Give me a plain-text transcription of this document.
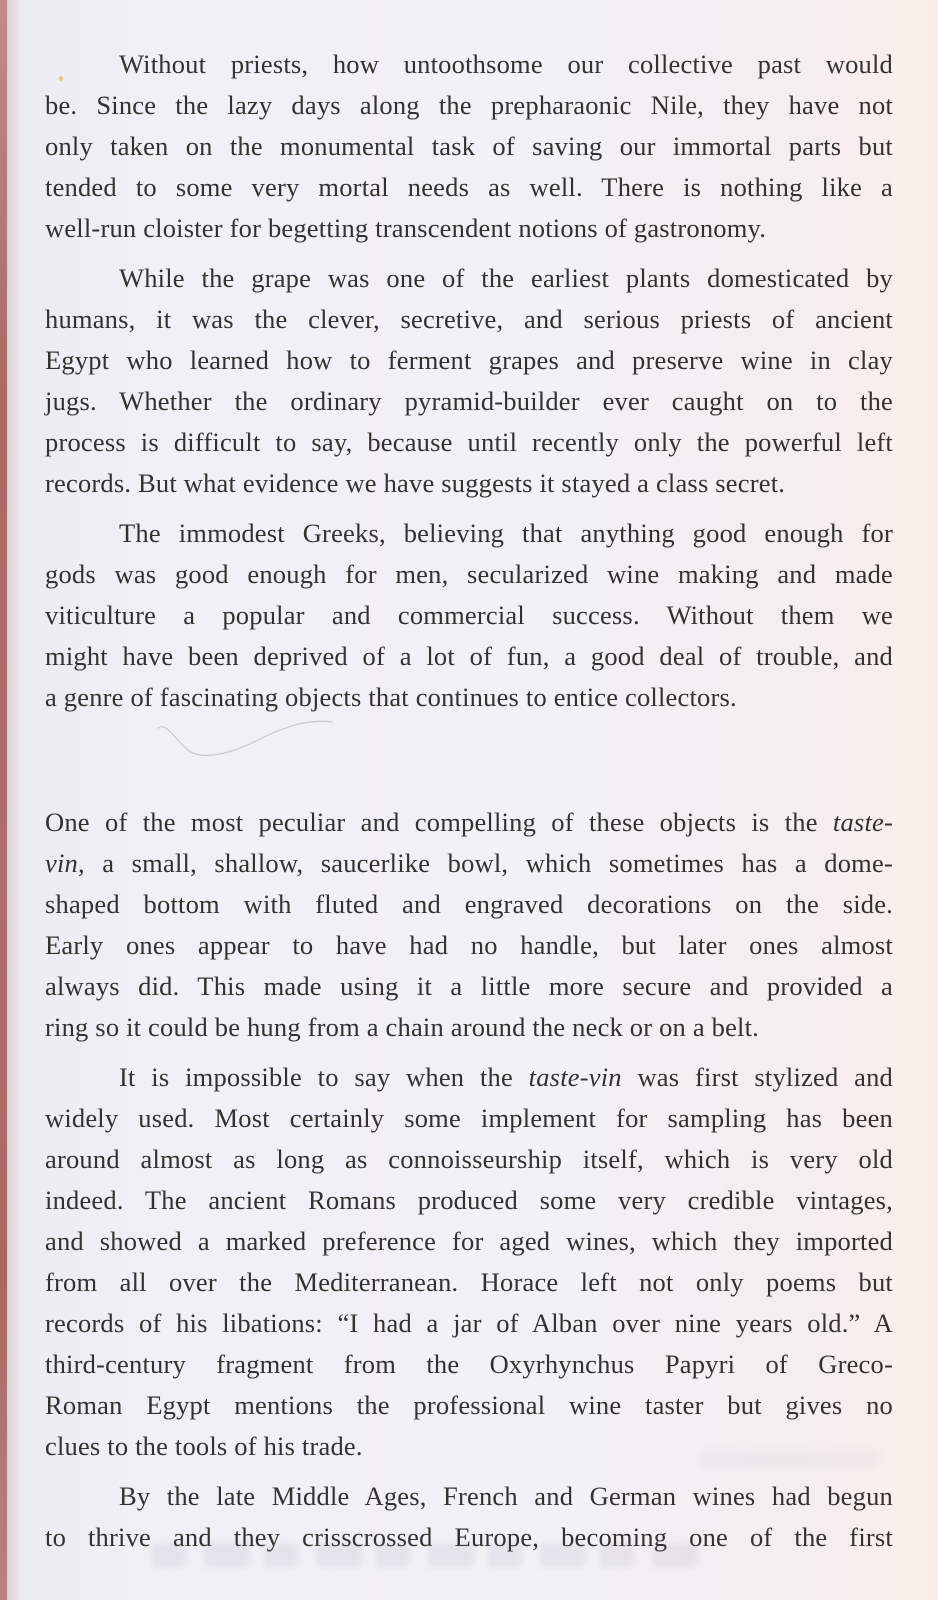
Without priests, how untoothsome our collective past would
be. Since the lazy days along the prepharaonic Nile, they have not
only taken on the monumental task of saving our immortal parts but
tended to some very mortal needs as well. There is nothing like a
well-run cloister for begetting transcendent notions of gastronomy.
While the grape was one of the earliest plants domesticated by
humans, it was the clever, secretive, and serious priests of ancient
Egypt who learned how to ferment grapes and preserve wine in clay
jugs. Whether the ordinary pyramid-builder ever caught on to the
process is difficult to say, because until recently only the powerful left
records. But what evidence we have suggests it stayed a class secret.
The immodest Greeks, believing that anything good enough for
gods was good enough for men, secularized wine making and made
viticulture a popular and commercial success. Without them we
might have been deprived of a lot of fun, a good deal of trouble, and
a genre of fascinating objects that continues to entice collectors.
One of the most peculiar and compelling of these objects is the taste-
vin, a small, shallow, saucerlike bowl, which sometimes has a dome-
shaped bottom with fluted and engraved decorations on the side.
Early ones appear to have had no handle, but later ones almost
always did. This made using it a little more secure and provided a
ring so it could be hung from a chain around the neck or on a belt.
It is impossible to say when the taste-vin was first stylized and
widely used. Most certainly some implement for sampling has been
around almost as long as connoisseurship itself, which is very old
indeed. The ancient Romans produced some very credible vintages,
and showed a marked preference for aged wines, which they imported
from all over the Mediterranean. Horace left not only poems but
records of his libations: “I had a jar of Alban over nine years old.” A
third-century fragment from the Oxyrhynchus Papyri of Greco-
Roman Egypt mentions the professional wine taster but gives no
clues to the tools of his trade.
By the late Middle Ages, French and German wines had begun
to thrive and they crisscrossed Europe, becoming one of the first
